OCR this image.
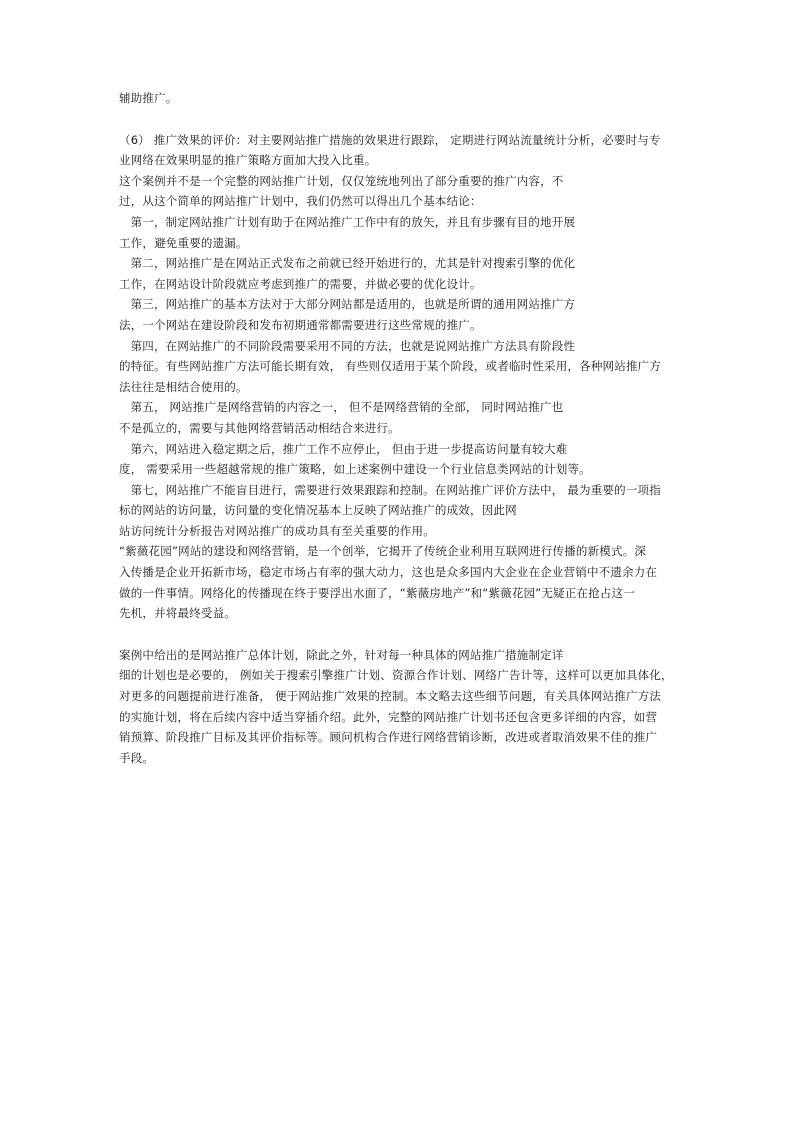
辅助推广。
（6） 推广效果的评价：对主要网站推广措施的效果进行跟踪， 定期进行网站流量统计分析，必要时与专
业网络在效果明显的推广策略方面加大投入比重。
这个案例并不是一个完整的网站推广计划，仅仅笼统地列出了部分重要的推广内容，不
过，从这个简单的网站推广计划中，我们仍然可以得出几个基本结论：
第一，制定网站推广计划有助于在网站推广工作中有的放矢，并且有步骤有目的地开展
工作，避免重要的遗漏。
第二，网站推广是在网站正式发布之前就已经开始进行的，尤其是针对搜索引擎的优化
工作，在网站设计阶段就应考虑到推广的需要，并做必要的优化设计。
第三，网站推广的基本方法对于大部分网站都是适用的，也就是所谓的通用网站推广方
法，一个网站在建设阶段和发布初期通常都需要进行这些常规的推广。
第四，在网站推广的不同阶段需要采用不同的方法，也就是说网站推广方法具有阶段性
的特征。有些网站推广方法可能长期有效， 有些则仅适用于某个阶段，或者临时性采用，各种网站推广方
法往往是相结合使用的。
第五， 网站推广是网络营销的内容之一， 但不是网络营销的全部， 同时网站推广也
不是孤立的，需要与其他网络营销活动相结合来进行。
第六，网站进入稳定期之后，推广工作不应停止， 但由于进一步提高访问量有较大难
度， 需要采用一些超越常规的推广策略，如上述案例中建设一个行业信息类网站的计划等。
第七，网站推广不能盲目进行，需要进行效果跟踪和控制。在网站推广评价方法中， 最为重要的一项指
标的网站的访问量，访问量的变化情况基本上反映了网站推广的成效，因此网
站访问统计分析报告对网站推广的成功具有至关重要的作用。
“紫薇花园”网站的建设和网络营销，是一个创举，它揭开了传统企业利用互联网进行传播的新模式。深
入传播是企业开拓新市场，稳定市场占有率的强大动力，这也是众多国内大企业在企业营销中不遗余力在
做的一件事情。网络化的传播现在终于要浮出水面了，“紫薇房地产”和“紫薇花园”无疑正在抢占这一
先机，并将最终受益。
案例中给出的是网站推广总体计划，除此之外，针对每一种具体的网站推广措施制定详
细的计划也是必要的， 例如关于搜索引擎推广计划、资源合作计划、网络广告计等，这样可以更加具体化，
对更多的问题提前进行准备， 便于网站推广效果的控制。本文略去这些细节问题，有关具体网站推广方法
的实施计划，将在后续内容中适当穿插介绍。此外，完整的网站推广计划书还包含更多详细的内容，如营
销预算、阶段推广目标及其评价指标等。顾问机构合作进行网络营销诊断，改进或者取消效果不佳的推广
手段。
